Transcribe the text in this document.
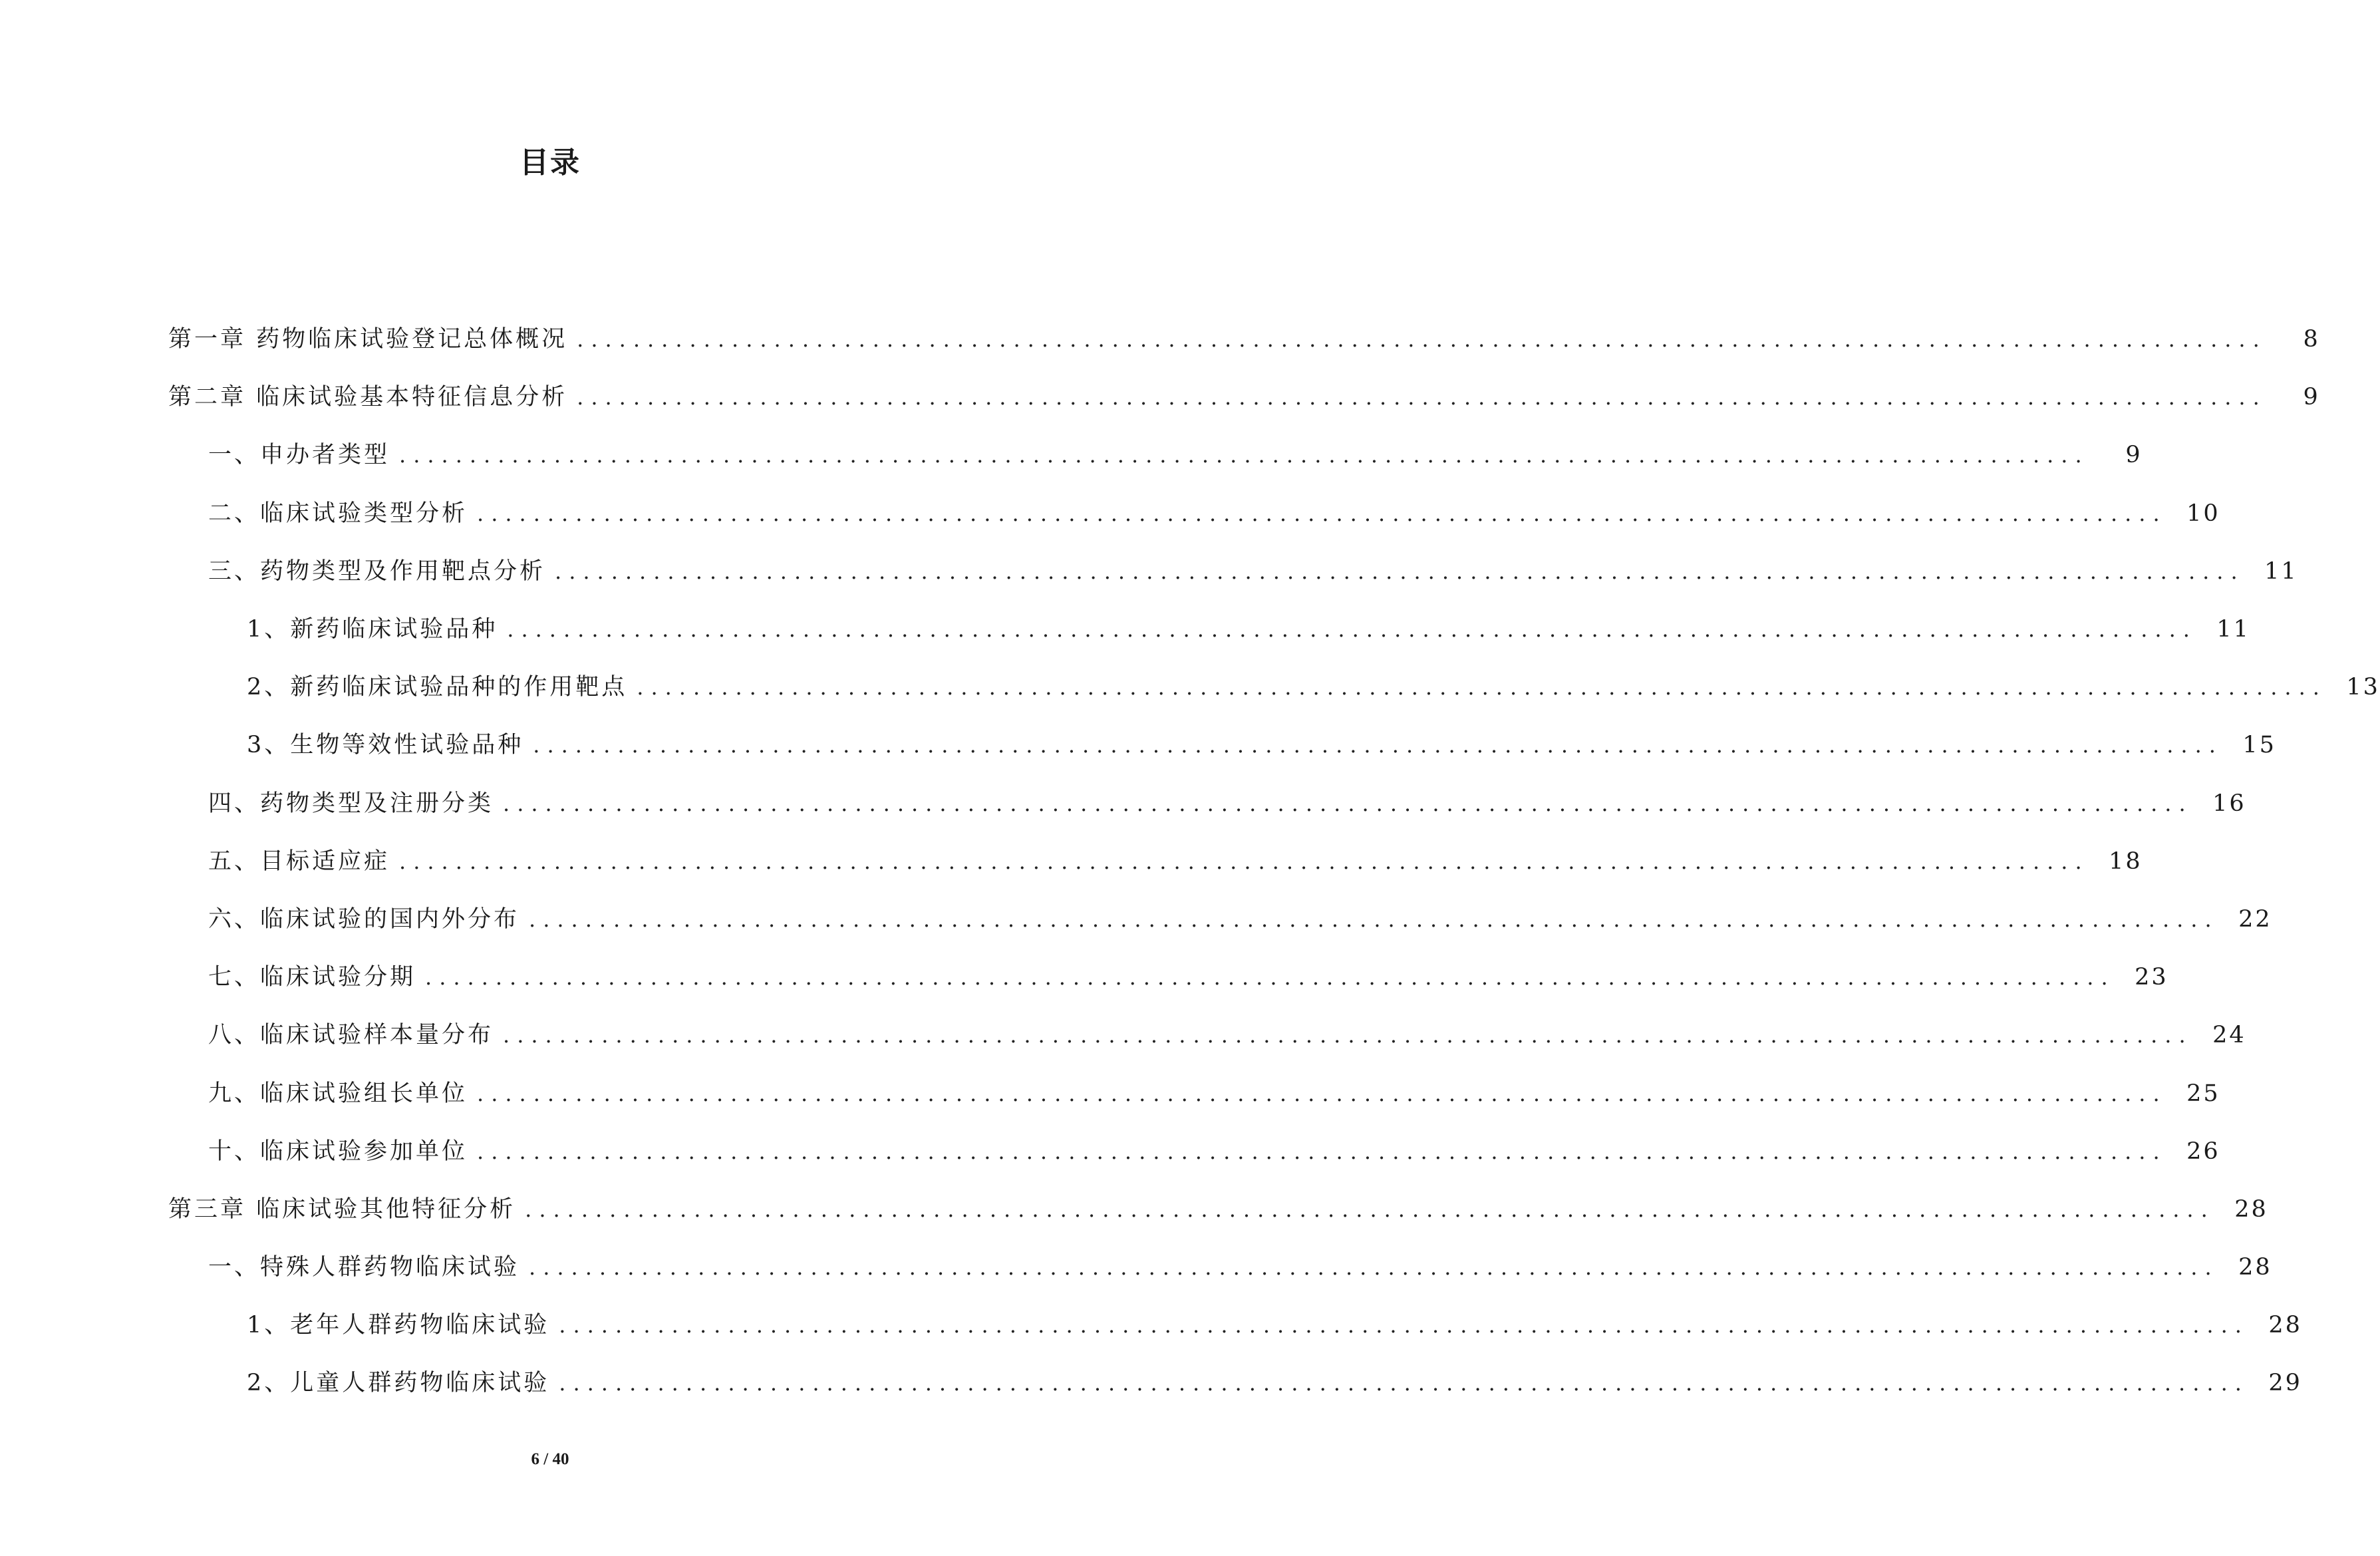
目录
第一章 药物临床试验登记总体概况 ........................................................................................................................	8
第二章 临床试验基本特征信息分析 ........................................................................................................................	9
一、申办者类型 ........................................................................................................................	9
二、临床试验类型分析 ........................................................................................................................ 10
三、药物类型及作用靶点分析 ........................................................................................................................ 11
1、新药临床试验品种 ........................................................................................................................ 11
2、新药临床试验品种的作用靶点 ........................................................................................................................ 13
3、生物等效性试验品种 ........................................................................................................................ 15
四、药物类型及注册分类 ........................................................................................................................ 16
五、目标适应症 ........................................................................................................................ 18
六、临床试验的国内外分布 ........................................................................................................................ 22
七、临床试验分期 ........................................................................................................................ 23
八、临床试验样本量分布 ........................................................................................................................ 24
九、临床试验组长单位 ........................................................................................................................ 25
十、临床试验参加单位 ........................................................................................................................ 26
第三章 临床试验其他特征分析 ........................................................................................................................ 28
一、特殊人群药物临床试验 ........................................................................................................................ 28
1、老年人群药物临床试验 ........................................................................................................................ 28
2、儿童人群药物临床试验 ........................................................................................................................ 29
6 / 40
